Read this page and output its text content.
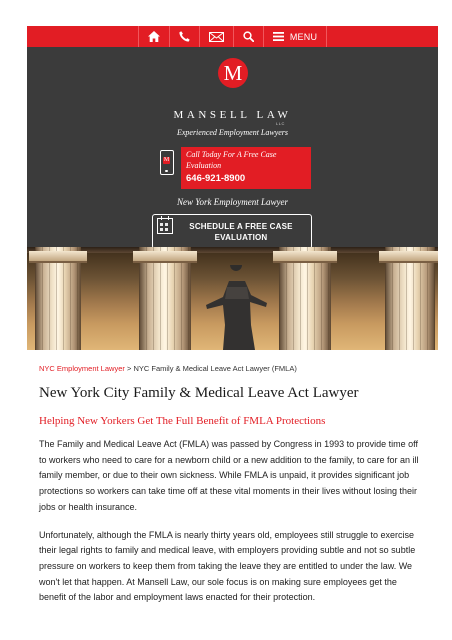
MENU
M
MANSELL LAW
LLC
Experienced Employment Lawyers
M
Call Today For A Free Case Evaluation
646-921-8900
New York Employment Lawyer
SCHEDULE A FREE CASE EVALUATION
NYC Employment Lawyer > NYC Family & Medical Leave Act Lawyer (FMLA)
New York City Family & Medical Leave Act Lawyer
Helping New Yorkers Get The Full Benefit of FMLA Protections
The Family and Medical Leave Act (FMLA) was passed by Congress in 1993 to provide time off to workers who need to care for a newborn child or a new addition to the family, to care for an ill family member, or due to their own sickness. While FMLA is unpaid, it provides significant job protections so workers can take time off at these vital moments in their lives without losing their jobs or health insurance.
Unfortunately, although the FMLA is nearly thirty years old, employees still struggle to exercise their legal rights to family and medical leave, with employers providing subtle and not so subtle pressure on workers to keep them from taking the leave they are entitled to under the law. We won't let that happen. At Mansell Law, our sole focus is on making sure employees get the benefit of the labor and employment laws enacted for their protection.
